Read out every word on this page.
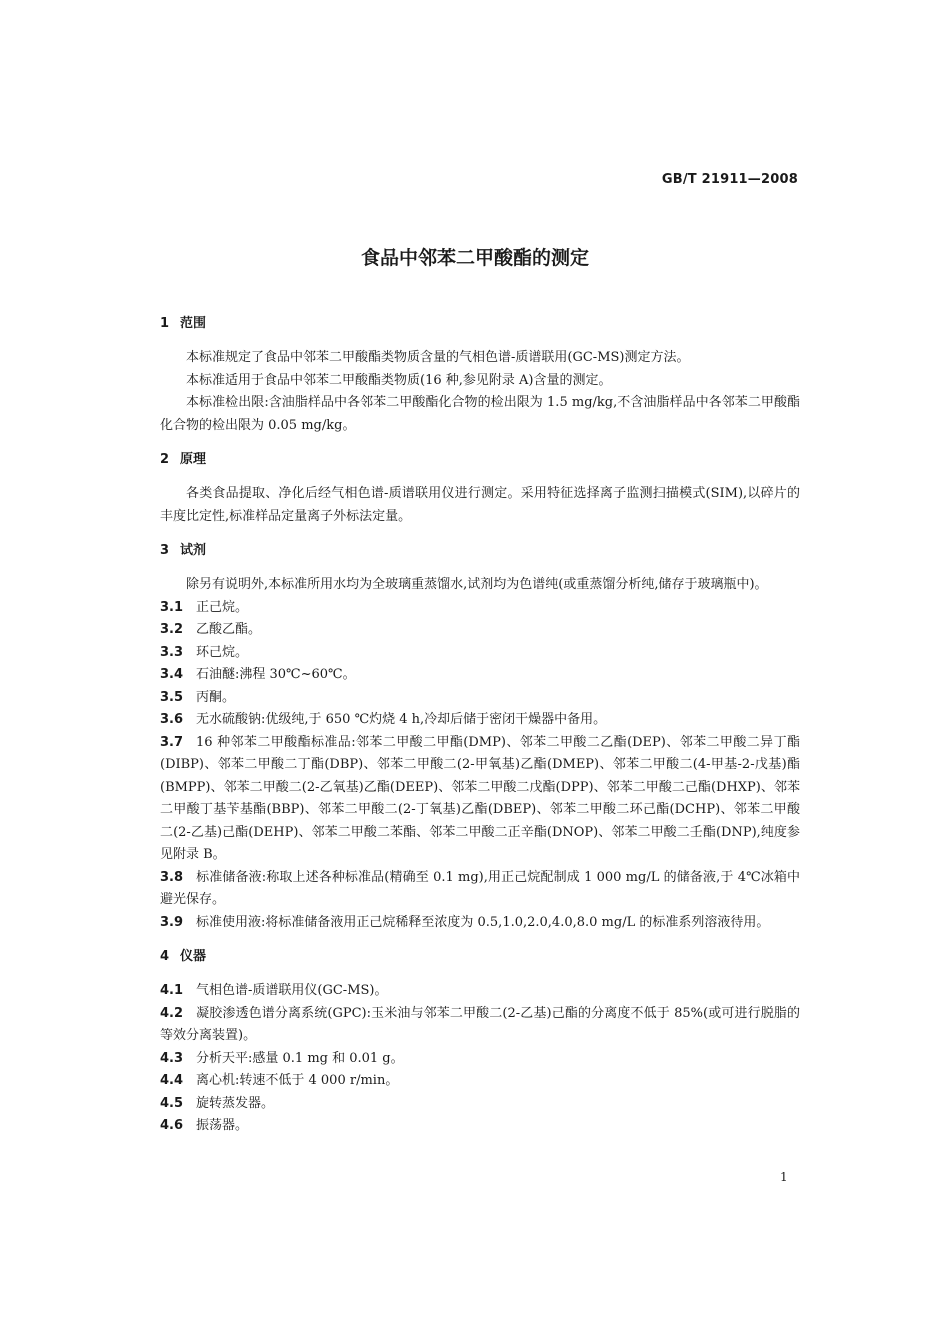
GB/T 21911—2008
食品中邻苯二甲酸酯的测定
1 范围

本标准规定了食品中邻苯二甲酸酯类物质含量的气相色谱-质谱联用(GC-MS)测定方法。

本标准适用于食品中邻苯二甲酸酯类物质(16 种,参见附录 A)含量的测定。

本标准检出限:含油脂样品中各邻苯二甲酸酯化合物的检出限为 1.5 mg/kg,不含油脂样品中各邻苯二甲酸酯化合物的检出限为 0.05 mg/kg。

2 原理

各类食品提取、净化后经气相色谱-质谱联用仪进行测定。采用特征选择离子监测扫描模式(SIM),以碎片的丰度比定性,标准样品定量离子外标法定量。

3 试剂

除另有说明外,本标准所用水均为全玻璃重蒸馏水,试剂均为色谱纯(或重蒸馏分析纯,储存于玻璃瓶中)。

3.1 正己烷。

3.2 乙酸乙酯。

3.3 环己烷。

3.4 石油醚:沸程 30℃~60℃。

3.5 丙酮。

3.6 无水硫酸钠:优级纯,于 650 ℃灼烧 4 h,冷却后储于密闭干燥器中备用。

3.7 16 种邻苯二甲酸酯标准品:邻苯二甲酸二甲酯(DMP)、邻苯二甲酸二乙酯(DEP)、邻苯二甲酸二异丁酯(DIBP)、邻苯二甲酸二丁酯(DBP)、邻苯二甲酸二(2-甲氧基)乙酯(DMEP)、邻苯二甲酸二(4-甲基-2-戊基)酯(BMPP)、邻苯二甲酸二(2-乙氧基)乙酯(DEEP)、邻苯二甲酸二戊酯(DPP)、邻苯二甲酸二己酯(DHXP)、邻苯二甲酸丁基苄基酯(BBP)、邻苯二甲酸二(2-丁氧基)乙酯(DBEP)、邻苯二甲酸二环己酯(DCHP)、邻苯二甲酸二(2-乙基)己酯(DEHP)、邻苯二甲酸二苯酯、邻苯二甲酸二正辛酯(DNOP)、邻苯二甲酸二壬酯(DNP),纯度参见附录 B。

3.8 标准储备液:称取上述各种标准品(精确至 0.1 mg),用正己烷配制成 1 000 mg/L 的储备液,于 4℃冰箱中避光保存。

3.9 标准使用液:将标准储备液用正己烷稀释至浓度为 0.5,1.0,2.0,4.0,8.0 mg/L 的标准系列溶液待用。

4 仪器

4.1 气相色谱-质谱联用仪(GC-MS)。

4.2 凝胶渗透色谱分离系统(GPC):玉米油与邻苯二甲酸二(2-乙基)己酯的分离度不低于 85%(或可进行脱脂的等效分离装置)。

4.3 分析天平:感量 0.1 mg 和 0.01 g。

4.4 离心机:转速不低于 4 000 r/min。

4.5 旋转蒸发器。

4.6 振荡器。

1
